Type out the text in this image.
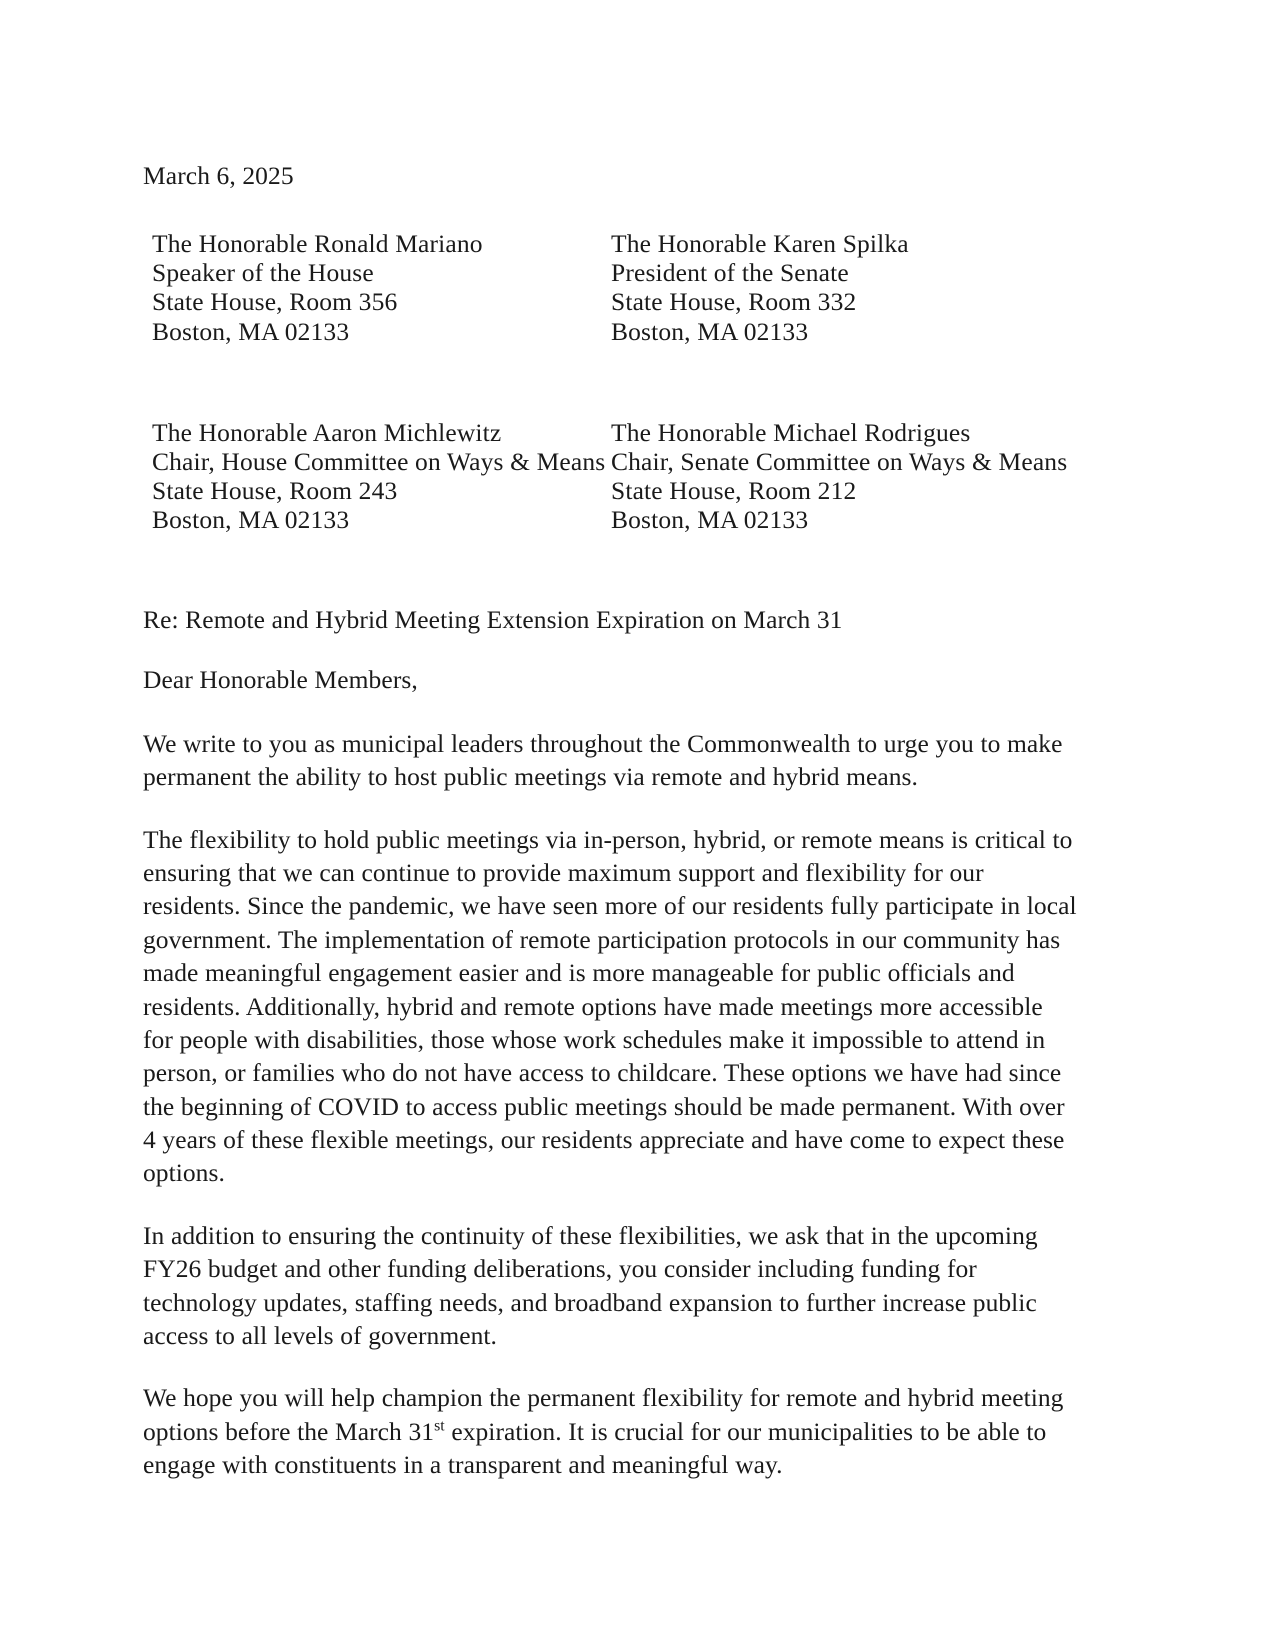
March 6, 2025
The Honorable Ronald Mariano
Speaker of the House
State House, Room 356
Boston, MA 02133
The Honorable Karen Spilka
President of the Senate
State House, Room 332
Boston, MA 02133
The Honorable Aaron Michlewitz
Chair, House Committee on Ways & Means
State House, Room 243
Boston, MA 02133
The Honorable Michael Rodrigues
Chair, Senate Committee on Ways & Means
State House, Room 212
Boston, MA 02133
Re: Remote and Hybrid Meeting Extension Expiration on March 31
Dear Honorable Members,

We write to you as municipal leaders throughout the Commonwealth to urge you to make permanent the ability to host public meetings via remote and hybrid means.

The flexibility to hold public meetings via in-person, hybrid, or remote means is critical to ensuring that we can continue to provide maximum support and flexibility for our residents. Since the pandemic, we have seen more of our residents fully participate in local government. The implementation of remote participation protocols in our community has made meaningful engagement easier and is more manageable for public officials and residents. Additionally, hybrid and remote options have made meetings more accessible for people with disabilities, those whose work schedules make it impossible to attend in person, or families who do not have access to childcare. These options we have had since the beginning of COVID to access public meetings should be made permanent. With over 4 years of these flexible meetings, our residents appreciate and have come to expect these options.

In addition to ensuring the continuity of these flexibilities, we ask that in the upcoming FY26 budget and other funding deliberations, you consider including funding for technology updates, staffing needs, and broadband expansion to further increase public access to all levels of government.

We hope you will help champion the permanent flexibility for remote and hybrid meeting options before the March 31st expiration. It is crucial for our municipalities to be able to engage with constituents in a transparent and meaningful way.
